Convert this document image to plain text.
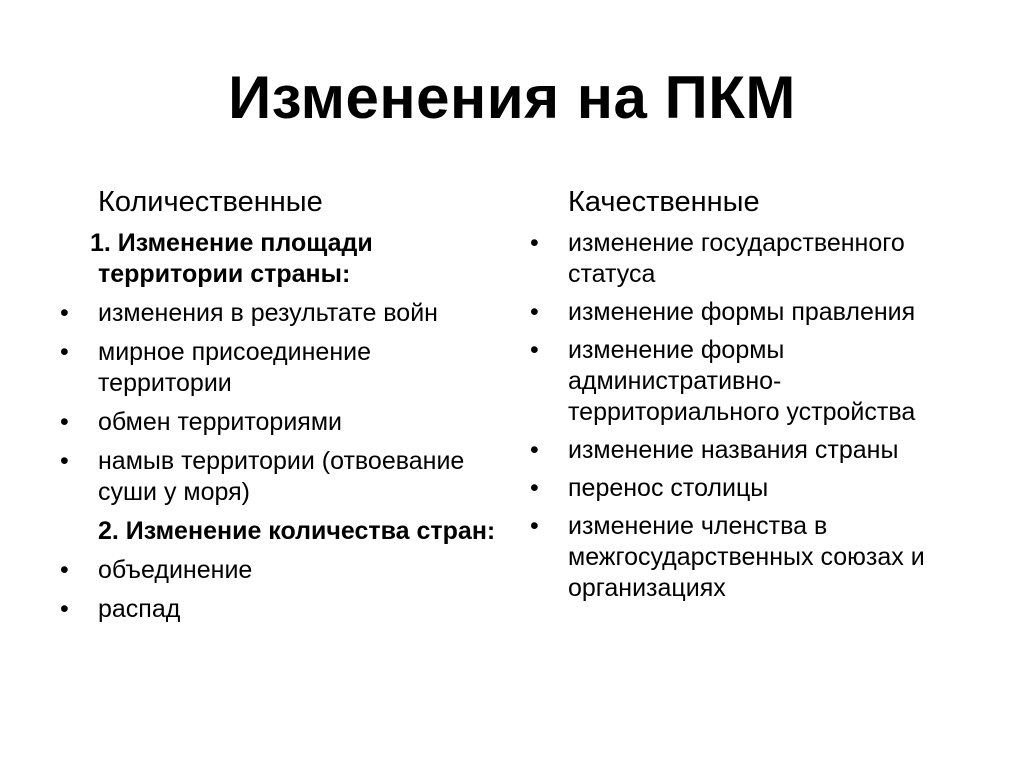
Изменения на ПКМ
Количественные
1. Изменение площади территории страны:
• изменения в результате войн
• мирное присоединение территории
• обмен территориями
• намыв территории (отвоевание суши у моря)
2. Изменение количества стран:
• объединение
• распад
Качественные
• изменение государственного статуса
• изменение формы правления
• изменение формы административно-территориального устройства
• изменение названия страны
• перенос столицы
• изменение членства в межгосударственных союзах и организациях
